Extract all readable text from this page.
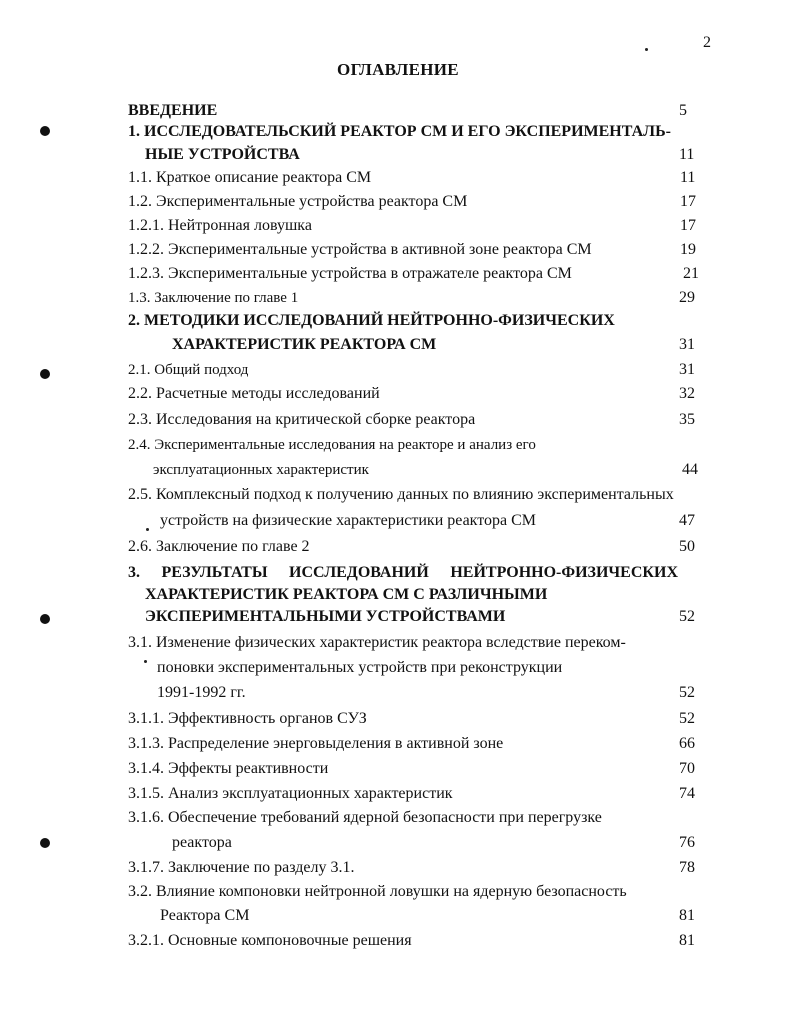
2
ОГЛАВЛЕНИЕ
ВВЕДЕНИЕ	5
1. ИССЛЕДОВАТЕЛЬСКИЙ РЕАКТОР СМ И ЕГО ЭКСПЕРИМЕНТАЛЬ-
НЫЕ УСТРОЙСТВА	11
1.1. Краткое описание реактора СМ	11
1.2. Экспериментальные устройства реактора СМ	17
1.2.1. Нейтронная ловушка	17
1.2.2. Экспериментальные устройства в активной зоне реактора СМ	19
1.2.3. Экспериментальные устройства в отражателе реактора СМ	21
1.3. Заключение по главе 1	29
2. МЕТОДИКИ ИССЛЕДОВАНИЙ НЕЙТРОННО-ФИЗИЧЕСКИХ
ХАРАКТЕРИСТИК РЕАКТОРА СМ	31
2.1. Общий подход	31
2.2. Расчетные методы исследований	32
2.3. Исследования на критической сборке реактора	35
2.4. Экспериментальные исследования на реакторе и анализ его
эксплуатационных характеристик	44
2.5. Комплексный подход к получению данных по влиянию экспериментальных
устройств на физические характеристики реактора СМ	47
2.6. Заключение по главе 2	50
3. РЕЗУЛЬТАТЫ ИССЛЕДОВАНИЙ НЕЙТРОННО-ФИЗИЧЕСКИХ
ХАРАКТЕРИСТИК РЕАКТОРА СМ С РАЗЛИЧНЫМИ
ЭКСПЕРИМЕНТАЛЬНЫМИ УСТРОЙСТВАМИ	52
3.1. Изменение физических характеристик реактора вследствие переком-
поновки экспериментальных устройств при реконструкции
1991-1992 гг.	52
3.1.1. Эффективность органов СУЗ	52
3.1.3. Распределение энерговыделения в активной зоне	66
3.1.4. Эффекты реактивности	70
3.1.5. Анализ эксплуатационных характеристик	74
3.1.6. Обеспечение требований ядерной безопасности при перегрузке
реактора	76
3.1.7. Заключение по разделу 3.1.	78
3.2. Влияние компоновки нейтронной ловушки на ядерную безопасность
Реактора СМ	81
3.2.1. Основные компоновочные решения	81
